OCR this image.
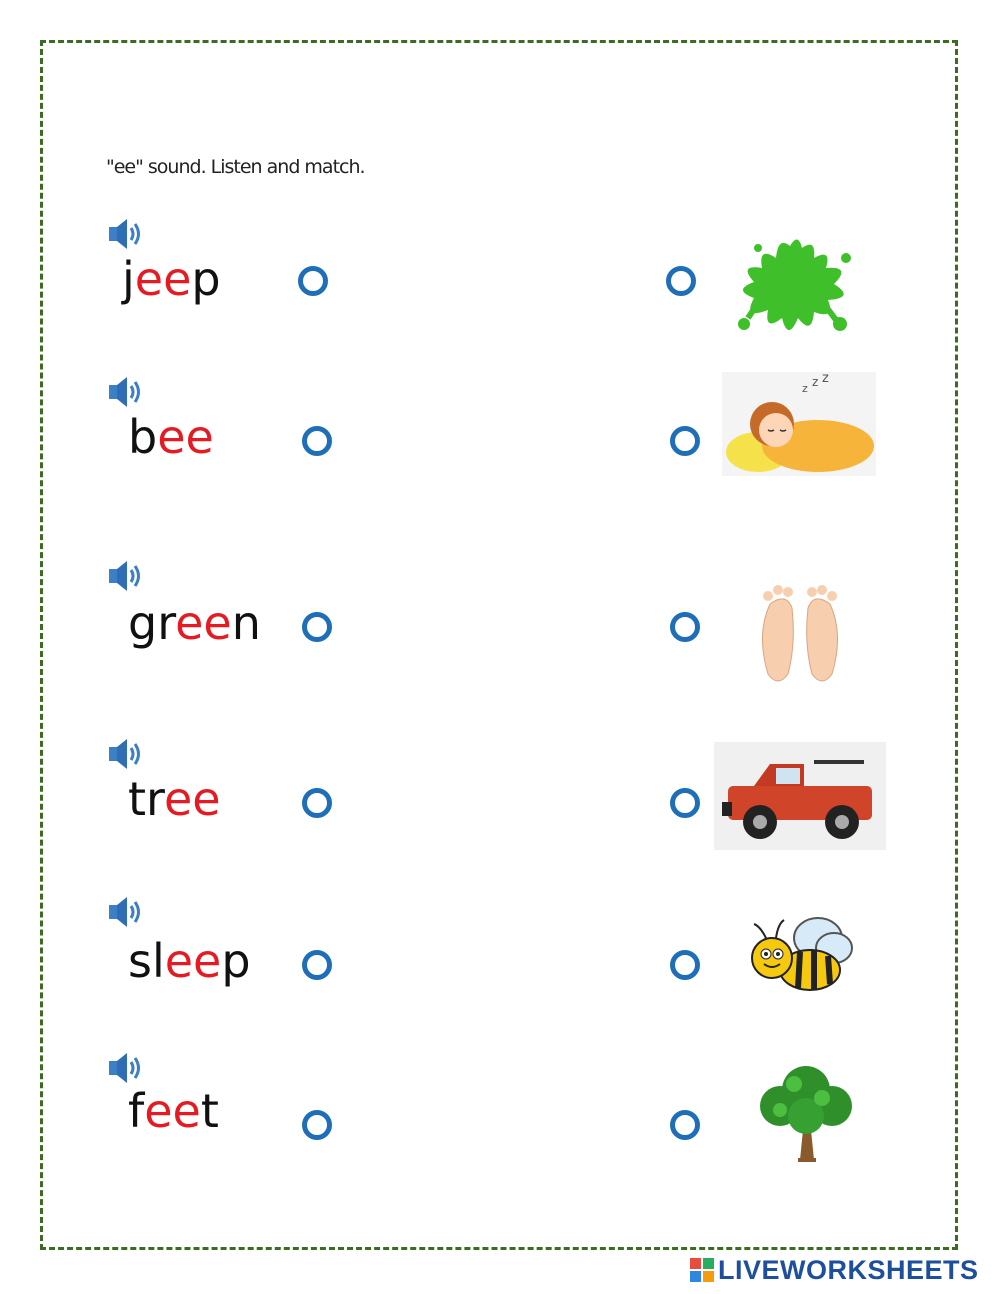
"ee" sound. Listen and match.
jeep
bee
green
tree
sleep
feet
z z z
LIVEWORKSHEETS
